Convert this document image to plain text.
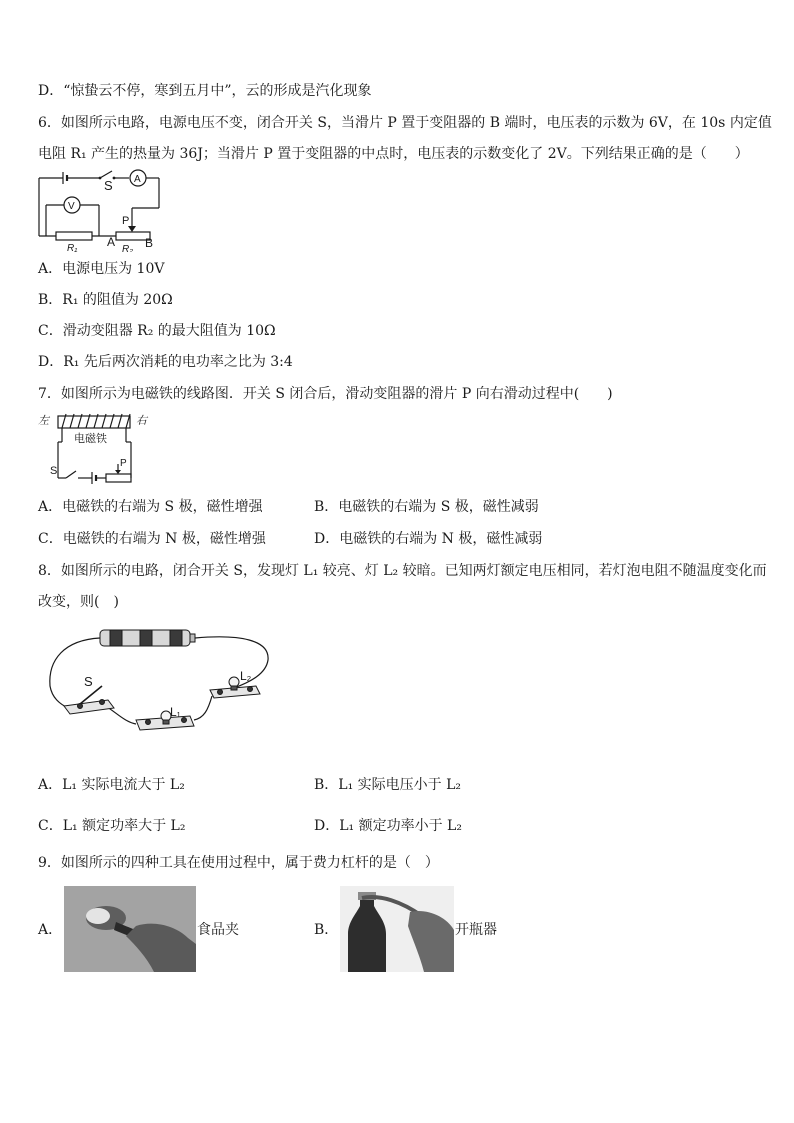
D．“惊蛰云不停，寒到五月中”，云的形成是汽化现象
6．如图所示电路，电源电压不变，闭合开关 S，当滑片 P 置于变阻器的 B 端时，电压表的示数为 6V，在 10s 内定值
电阻 R₁ 产生的热量为 36J；当滑片 P 置于变阻器的中点时，电压表的示数变化了 2V。下列结果正确的是（　　）
S A
V
P
R₁ A
R₂ B
A．电源电压为 10V
B．R₁ 的阻值为 20Ω
C．滑动变阻器 R₂ 的最大阻值为 10Ω
D．R₁ 先后两次消耗的电功率之比为 3:4
7．如图所示为电磁铁的线路图．开关 S 闭合后，滑动变阻器的滑片 P 向右滑动过程中(　　)
左	右
电磁铁
S
P
A．电磁铁的右端为 S 极，磁性增强	B．电磁铁的右端为 S 极，磁性减弱
C．电磁铁的右端为 N 极，磁性增强	D．电磁铁的右端为 N 极，磁性减弱
8．如图所示的电路，闭合开关 S，发现灯 L₁ 较亮、灯 L₂ 较暗。已知两灯额定电压相同，若灯泡电阻不随温度变化而
改变，则(　)
S
L₁
L₂
A．L₁ 实际电流大于 L₂	B．L₁ 实际电压小于 L₂
C．L₁ 额定功率大于 L₂	D．L₁ 额定功率小于 L₂
9．如图所示的四种工具在使用过程中，属于费力杠杆的是（　）
A．	食品夹	B．	开瓶器
